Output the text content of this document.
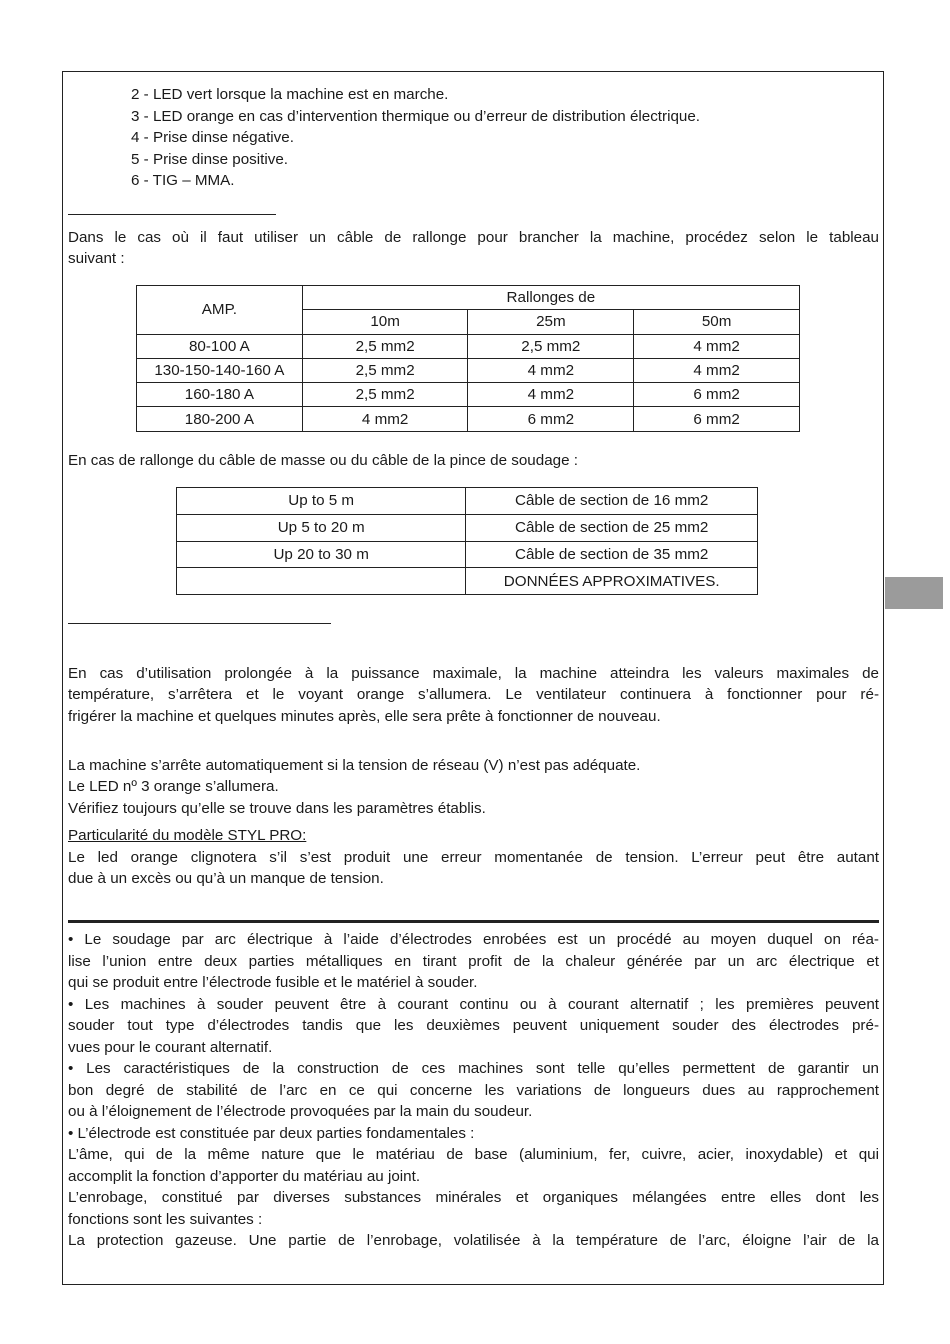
2 - LED vert lorsque la machine est en marche.
3 - LED orange en cas d’intervention thermique ou d’erreur de distribution électrique.
4 - Prise dinse négative.
5 - Prise dinse positive.
6 - TIG – MMA.
Dans le cas où il faut utiliser un câble de rallonge pour brancher la machine, procédez selon le tableau
suivant :
AMP.	Rallonges de		
	10m	25m	50m
80-100 A	2,5 mm2	2,5 mm2	4 mm2
130-150-140-160 A	2,5 mm2	4 mm2	4 mm2
160-180 A	2,5 mm2	4 mm2	6 mm2
180-200 A	4 mm2	6 mm2	6 mm2
En cas de rallonge du câble de masse ou du câble de la pince de soudage :
Up to 5 m	Câble de section de 16 mm2
Up 5 to 20 m	Câble de section de 25 mm2
Up 20 to 30 m	Câble de section de 35 mm2
	DONNÉES APPROXIMATIVES.
En cas d’utilisation prolongée à la puissance maximale, la machine atteindra les valeurs maximales de
température, s’arrêtera et le voyant orange s’allumera. Le ventilateur continuera à fonctionner pour ré-
frigérer la machine et quelques minutes après, elle sera prête à fonctionner de nouveau.
La machine s’arrête automatiquement si la tension de réseau (V) n’est pas adéquate.
Le LED nº 3 orange s’allumera.
Vérifiez toujours qu’elle se trouve dans les paramètres établis.
Particularité du modèle STYL PRO:
Le led orange clignotera s’il s’est produit une erreur momentanée de tension. L’erreur peut être autant
due à un excès ou qu’à un manque de tension.
• Le soudage par arc électrique à l’aide d’électrodes enrobées est un procédé au moyen duquel on réa-
lise l’union entre deux parties métalliques en tirant profit de la chaleur générée par un arc électrique et
qui se produit entre l’électrode fusible et le matériel à souder.
• Les machines à souder peuvent être à courant continu ou à courant alternatif ; les premières peuvent
souder tout type d’électrodes tandis que les deuxièmes peuvent uniquement souder des électrodes pré-
vues pour le courant alternatif.
• Les caractéristiques de la construction de ces machines sont telle qu’elles permettent de garantir un
bon degré de stabilité de l’arc en ce qui concerne les variations de longueurs dues au rapprochement
ou à l’éloignement de l’électrode provoquées par la main du soudeur.
• L’électrode est constituée par deux parties fondamentales :
L’âme, qui de la même nature que le matériau de base (aluminium, fer, cuivre, acier, inoxydable) et qui
accomplit la fonction d’apporter du matériau au joint.
L’enrobage, constitué par diverses substances minérales et organiques mélangées entre elles dont les
fonctions sont les suivantes :
La protection gazeuse. Une partie de l’enrobage, volatilisée à la température de l’arc, éloigne l’air de la
